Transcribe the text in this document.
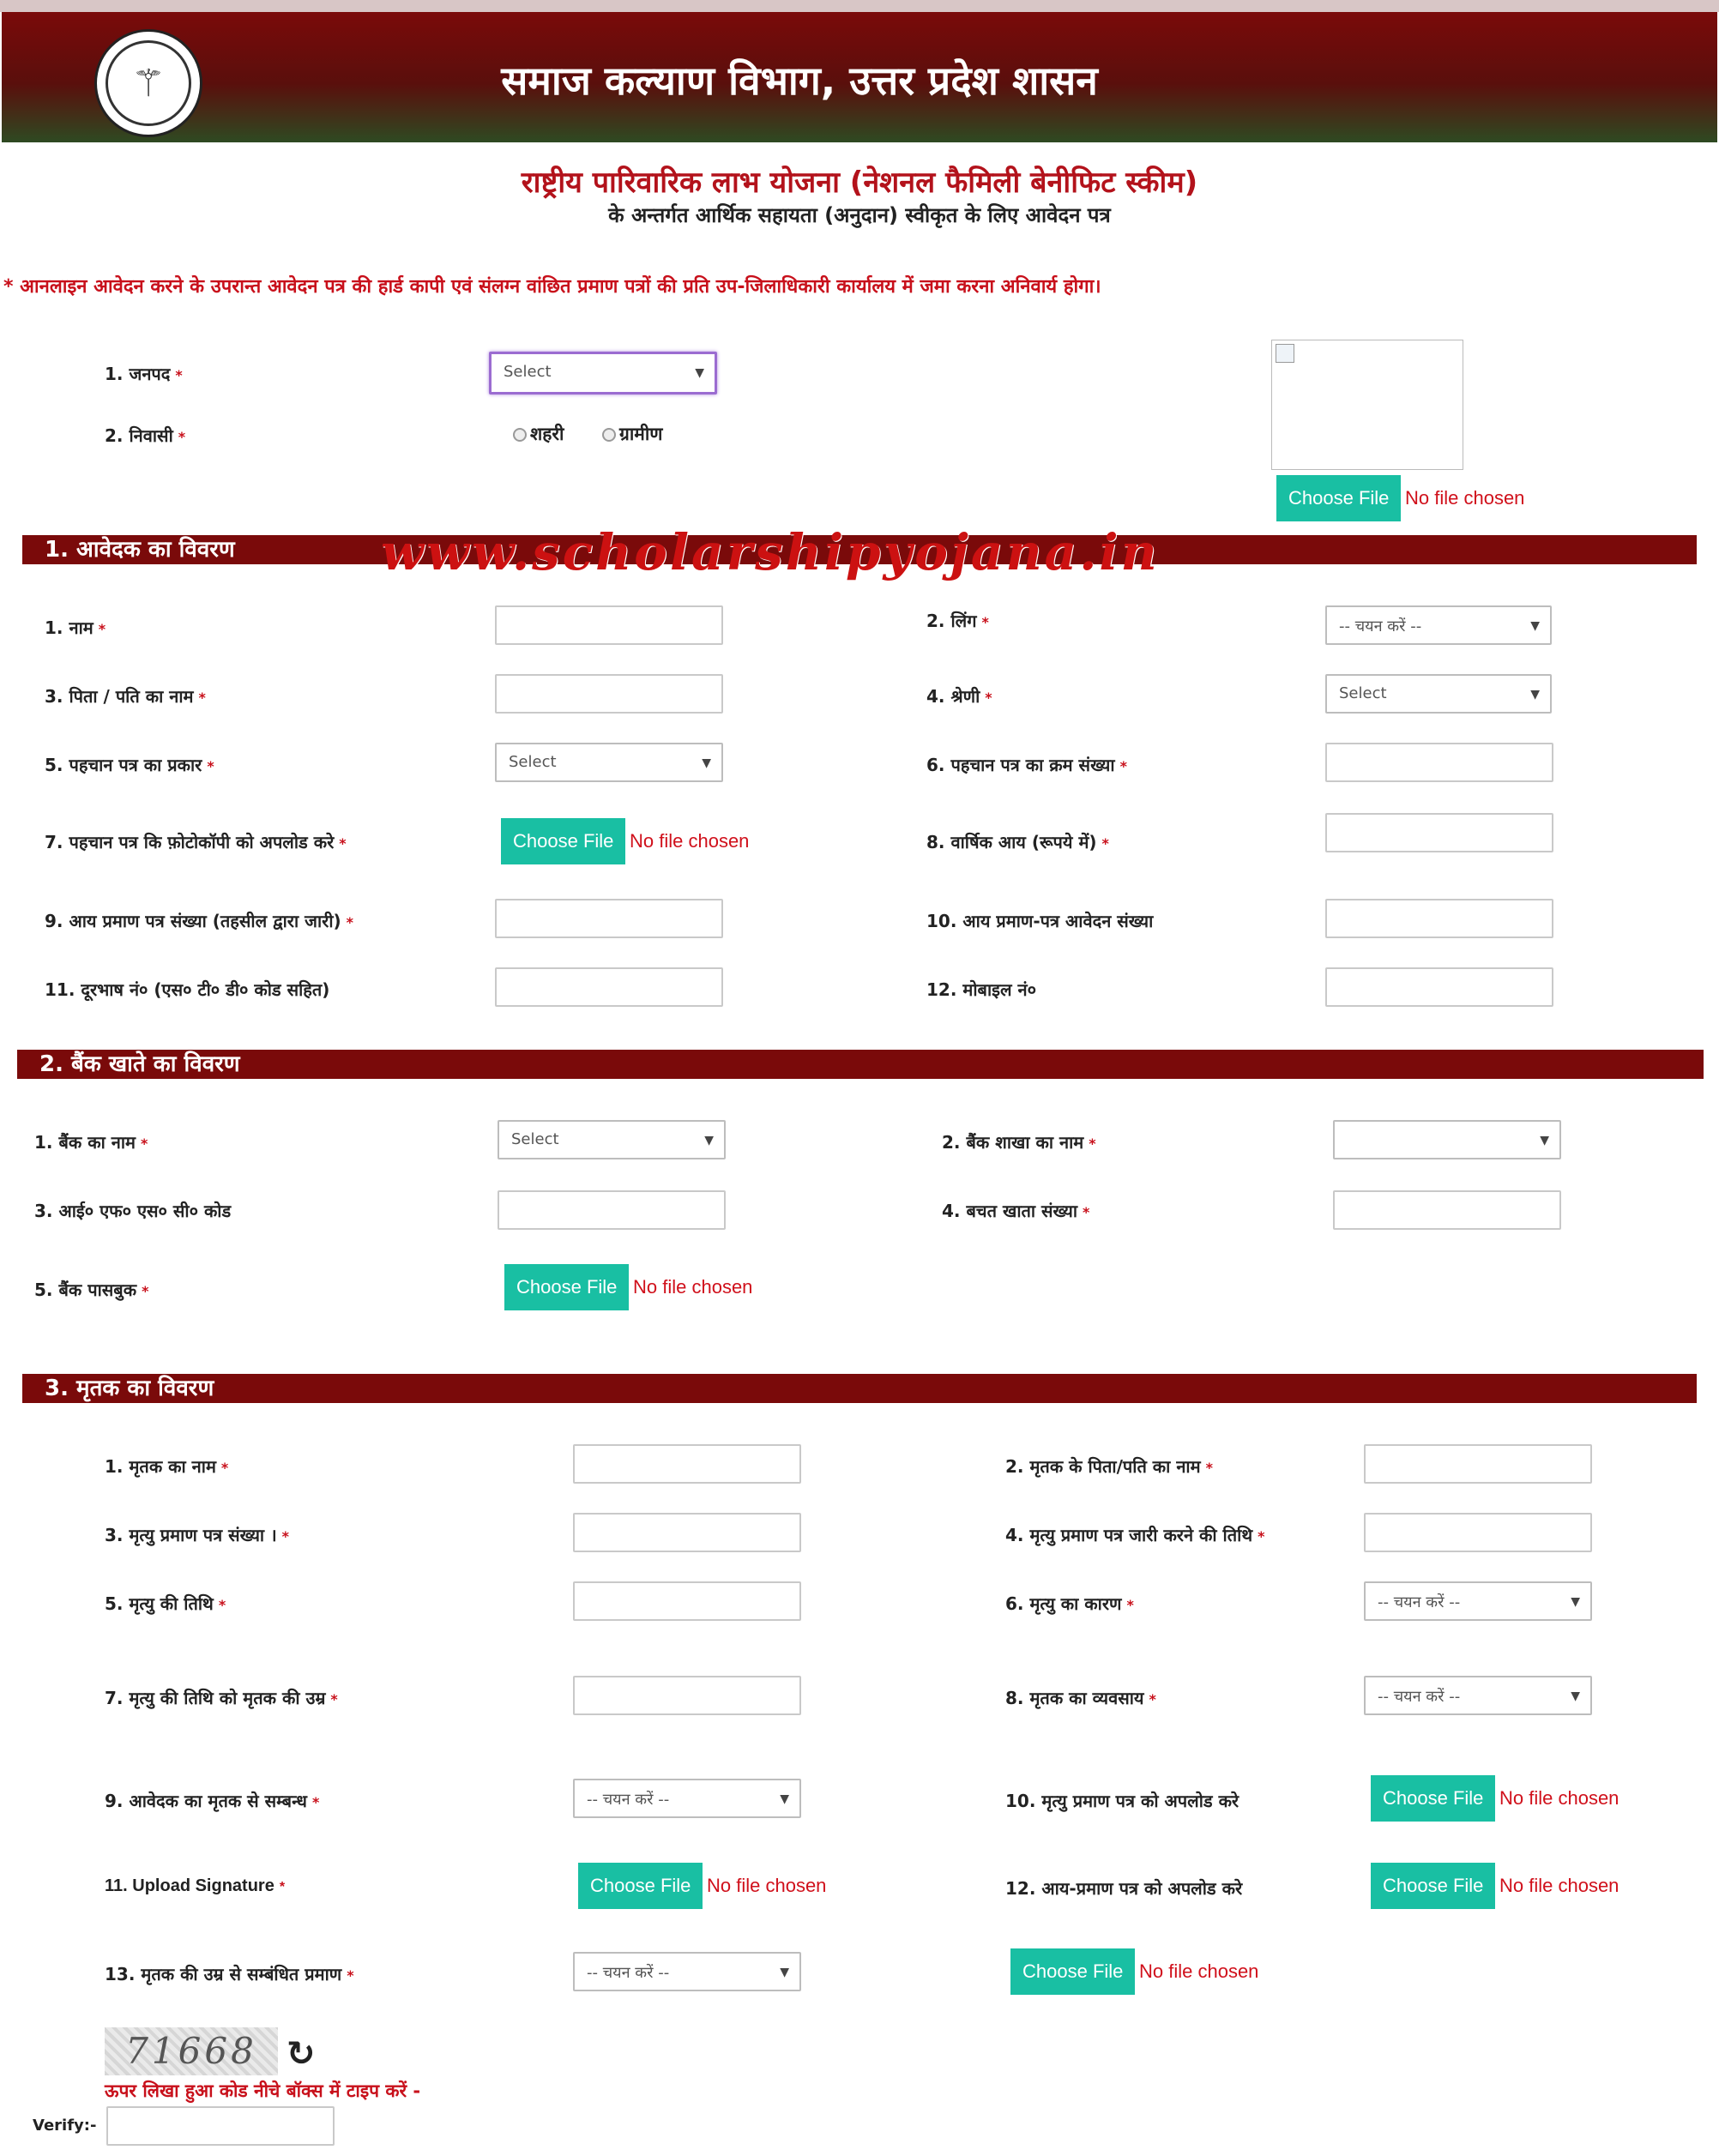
⚚	समाज कल्याण विभाग, उत्तर प्रदेश शासन
राष्ट्रीय पारिवारिक लाभ योजना (नेशनल फैमिली बेनीफिट स्कीम)
के अन्तर्गत आर्थिक सहायता (अनुदान) स्वीकृत के लिए आवेदन पत्र
* आनलाइन आवेदन करने के उपरान्त आवेदन पत्र की हार्ड कापी एवं संलग्न वांछित प्रमाण पत्रों की प्रति उप-जिलाधिकारी कार्यालय में जमा करना अनिवार्य होगा।
1. जनपद *	Select	▼
2. निवासी *	शहरी	ग्रामीण
Choose File No file chosen
1. आवेदक का विवरण	www.scholarshipyojana.in
1. नाम *	2. लिंग *	-- चयन करें --	▼
3. पिता / पति का नाम *	4. श्रेणी *	Select	▼
5. पहचान पत्र का प्रकार *	Select	▼	6. पहचान पत्र का क्रम संख्या *
7. पहचान पत्र कि फ़ोटोकॉपी को अपलोड करे *	Choose File No file chosen	8. वार्षिक आय (रूपये में) *
9. आय प्रमाण पत्र संख्या (तहसील द्वारा जारी) *	10. आय प्रमाण-पत्र आवेदन संख्या
11. दूरभाष नं० (एस० टी० डी० कोड सहित)	12. मोबाइल नं०
2. बैंक खाते का विवरण
1. बैंक का नाम *	Select	▼	2. बैंक शाखा का नाम *	▼
3. आई० एफ० एस० सी० कोड	4. बचत खाता संख्या *
5. बैंक पासबुक *	Choose File No file chosen
3. मृतक का विवरण
1. मृतक का नाम *	2. मृतक के पिता/पति का नाम *
3. मृत्यु प्रमाण पत्र संख्या । *	4. मृत्यु प्रमाण पत्र जारी करने की तिथि *
5. मृत्यु की तिथि *	6. मृत्यु का कारण *	-- चयन करें --	▼
7. मृत्यु की तिथि को मृतक की उम्र *	8. मृतक का व्यवसाय *	-- चयन करें --	▼
9. आवेदक का मृतक से सम्बन्ध *	-- चयन करें --	▼	10. मृत्यु प्रमाण पत्र को अपलोड करे	Choose File No file chosen
11. Upload Signature *	Choose File No file chosen	12. आय-प्रमाण पत्र को अपलोड करे	Choose File No file chosen
13. मृतक की उम्र से सम्बंधित प्रमाण *	-- चयन करें --	▼	Choose File No file chosen
71668 ↻
ऊपर लिखा हुआ कोड नीचे बॉक्स में टाइप करें -
Verify:-
